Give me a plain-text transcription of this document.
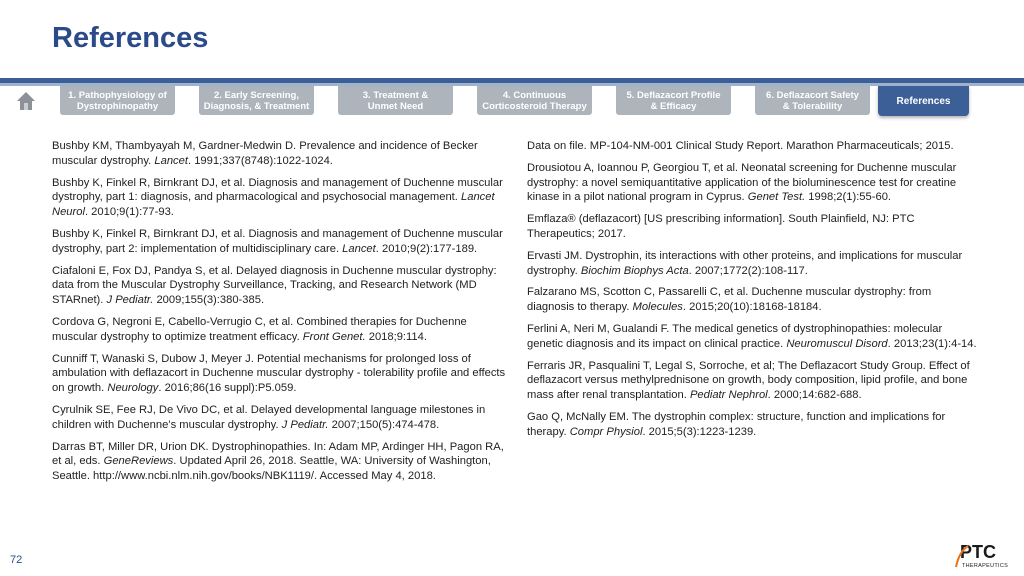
References
1. Pathophysiology of
Dystrophinopathy
2. Early Screening,
Diagnosis, & Treatment
3. Treatment &
Unmet Need
4. Continuous
Corticosteroid Therapy
5. Deflazacort Profile
& Efficacy
6. Deflazacort Safety
& Tolerability	References

Bushby KM, Thambyayah M, Gardner-Medwin D. Prevalence and incidence of Becker muscular dystrophy. Lancet. 1991;337(8748):1022-1024.

Bushby K, Finkel R, Birnkrant DJ, et al. Diagnosis and management of Duchenne muscular dystrophy, part 1: diagnosis, and pharmacological and psychosocial management. Lancet Neurol. 2010;9(1):77-93.

Bushby K, Finkel R, Birnkrant DJ, et al. Diagnosis and management of Duchenne muscular dystrophy, part 2: implementation of multidisciplinary care. Lancet. 2010;9(2):177-189.

Ciafaloni E, Fox DJ, Pandya S, et al. Delayed diagnosis in Duchenne muscular dystrophy: data from the Muscular Dystrophy Surveillance, Tracking, and Research Network (MD STARnet). J Pediatr. 2009;155(3):380-385.

Cordova G, Negroni E, Cabello-Verrugio C, et al. Combined therapies for Duchenne muscular dystrophy to optimize treatment efficacy. Front Genet. 2018;9:114.

Cunniff T, Wanaski S, Dubow J, Meyer J. Potential mechanisms for prolonged loss of ambulation with deflazacort in Duchenne muscular dystrophy - tolerability profile and effects on growth. Neurology. 2016;86(16 suppl):P5.059.

Cyrulnik SE, Fee RJ, De Vivo DC, et al. Delayed developmental language milestones in children with Duchenne’s muscular dystrophy. J Pediatr. 2007;150(5):474-478.

Darras BT, Miller DR, Urion DK. Dystrophinopathies. In: Adam MP, Ardinger HH, Pagon RA, et al, eds. GeneReviews. Updated April 26, 2018. Seattle, WA: University of Washington, Seattle. http://www.ncbi.nlm.nih.gov/books/NBK1119/. Accessed May 4, 2018.

Data on file. MP-104-NM-001 Clinical Study Report. Marathon Pharmaceuticals; 2015.

Drousiotou A, Ioannou P, Georgiou T, et al. Neonatal screening for Duchenne muscular dystrophy: a novel semiquantitative application of the bioluminescence test for creatine kinase in a pilot national program in Cyprus. Genet Test. 1998;2(1):55-60.

Emflaza® (deflazacort) [US prescribing information]. South Plainfield, NJ: PTC Therapeutics; 2017.

Ervasti JM. Dystrophin, its interactions with other proteins, and implications for muscular dystrophy. Biochim Biophys Acta. 2007;1772(2):108-117.

Falzarano MS, Scotton C, Passarelli C, et al. Duchenne muscular dystrophy: from diagnosis to therapy. Molecules. 2015;20(10):18168-18184.

Ferlini A, Neri M, Gualandi F. The medical genetics of dystrophinopathies: molecular genetic diagnosis and its impact on clinical practice. Neuromuscul Disord. 2013;23(1):4-14.

Ferraris JR, Pasqualini T, Legal S, Sorroche, et al; The Deflazacort Study Group. Effect of deflazacort versus methylprednisone on growth, body composition, lipid profile, and bone mass after renal transplantation. Pediatr Nephrol. 2000;14:682-688.

Gao Q, McNally EM. The dystrophin complex: structure, function and implications for therapy. Compr Physiol. 2015;5(3):1223-1239.

72	PTC
THERAPEUTICS
